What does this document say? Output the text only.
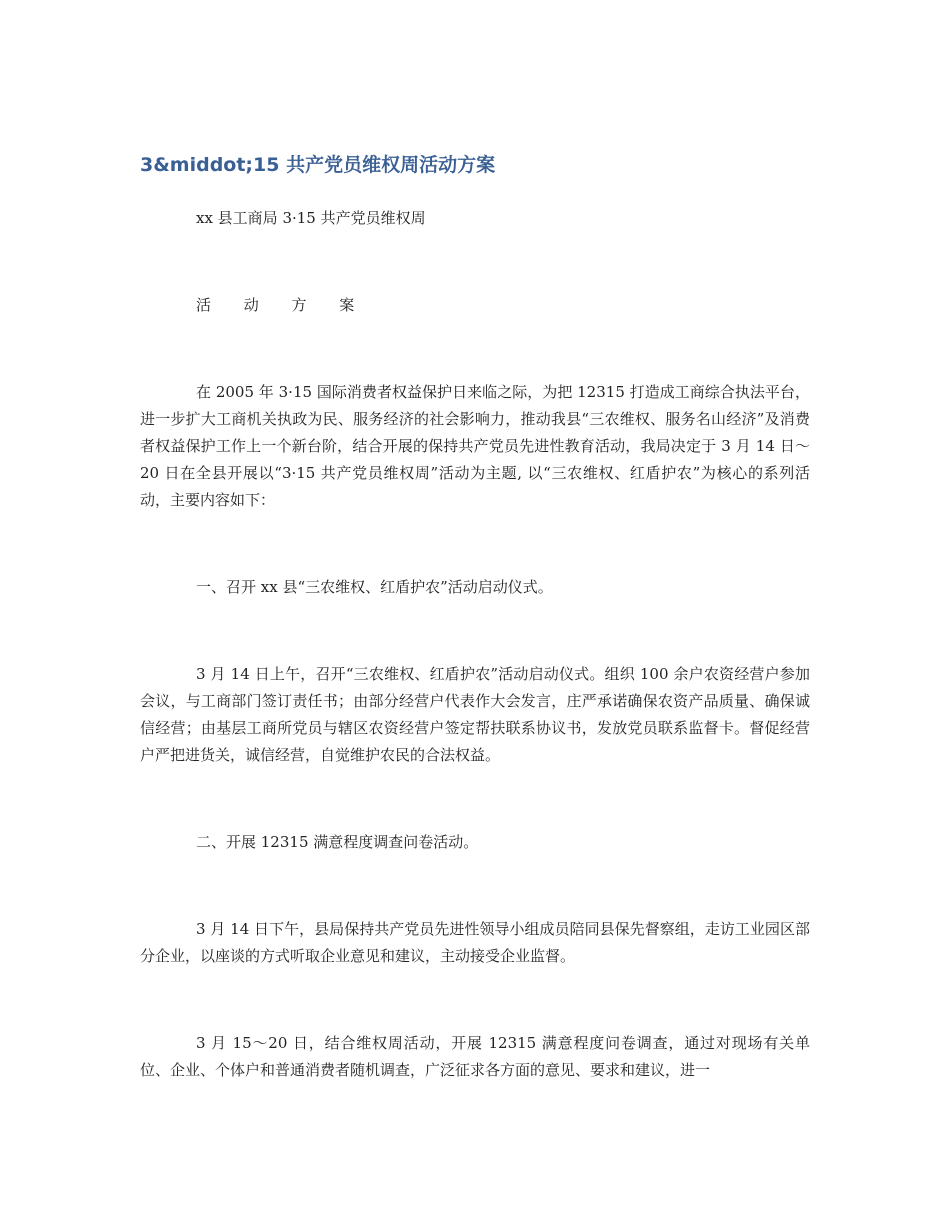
3&middot;15 共产党员维权周活动方案

xx 县工商局 3·15 共产党员维权周

活 动 方 案

在 2005 年 3·15 国际消费者权益保护日来临之际，为把 12315 打造成工商综合执法平台，进一步扩大工商机关执政为民、服务经济的社会影响力，推动我县“三农维权、服务名山经济”及消费者权益保护工作上一个新台阶，结合开展的保持共产党员先进性教育活动，我局决定于 3 月 14 日～20 日在全县开展以“3·15 共产党员维权周”活动为主题, 以“三农维权、红盾护农”为核心的系列活动，主要内容如下：

一、召开 xx 县“三农维权、红盾护农”活动启动仪式。

3 月 14 日上午，召开“三农维权、红盾护农”活动启动仪式。组织 100 余户农资经营户参加会议，与工商部门签订责任书；由部分经营户代表作大会发言，庄严承诺确保农资产品质量、确保诚信经营；由基层工商所党员与辖区农资经营户签定帮扶联系协议书，发放党员联系监督卡。督促经营户严把进货关，诚信经营，自觉维护农民的合法权益。

二、开展 12315 满意程度调查问卷活动。

3 月 14 日下午，县局保持共产党员先进性领导小组成员陪同县保先督察组，走访工业园区部分企业，以座谈的方式听取企业意见和建议，主动接受企业监督。

3 月 15～20 日，结合维权周活动，开展 12315 满意程度问卷调查，通过对现场有关单位、企业、个体户和普通消费者随机调查，广泛征求各方面的意见、要求和建议，进一
